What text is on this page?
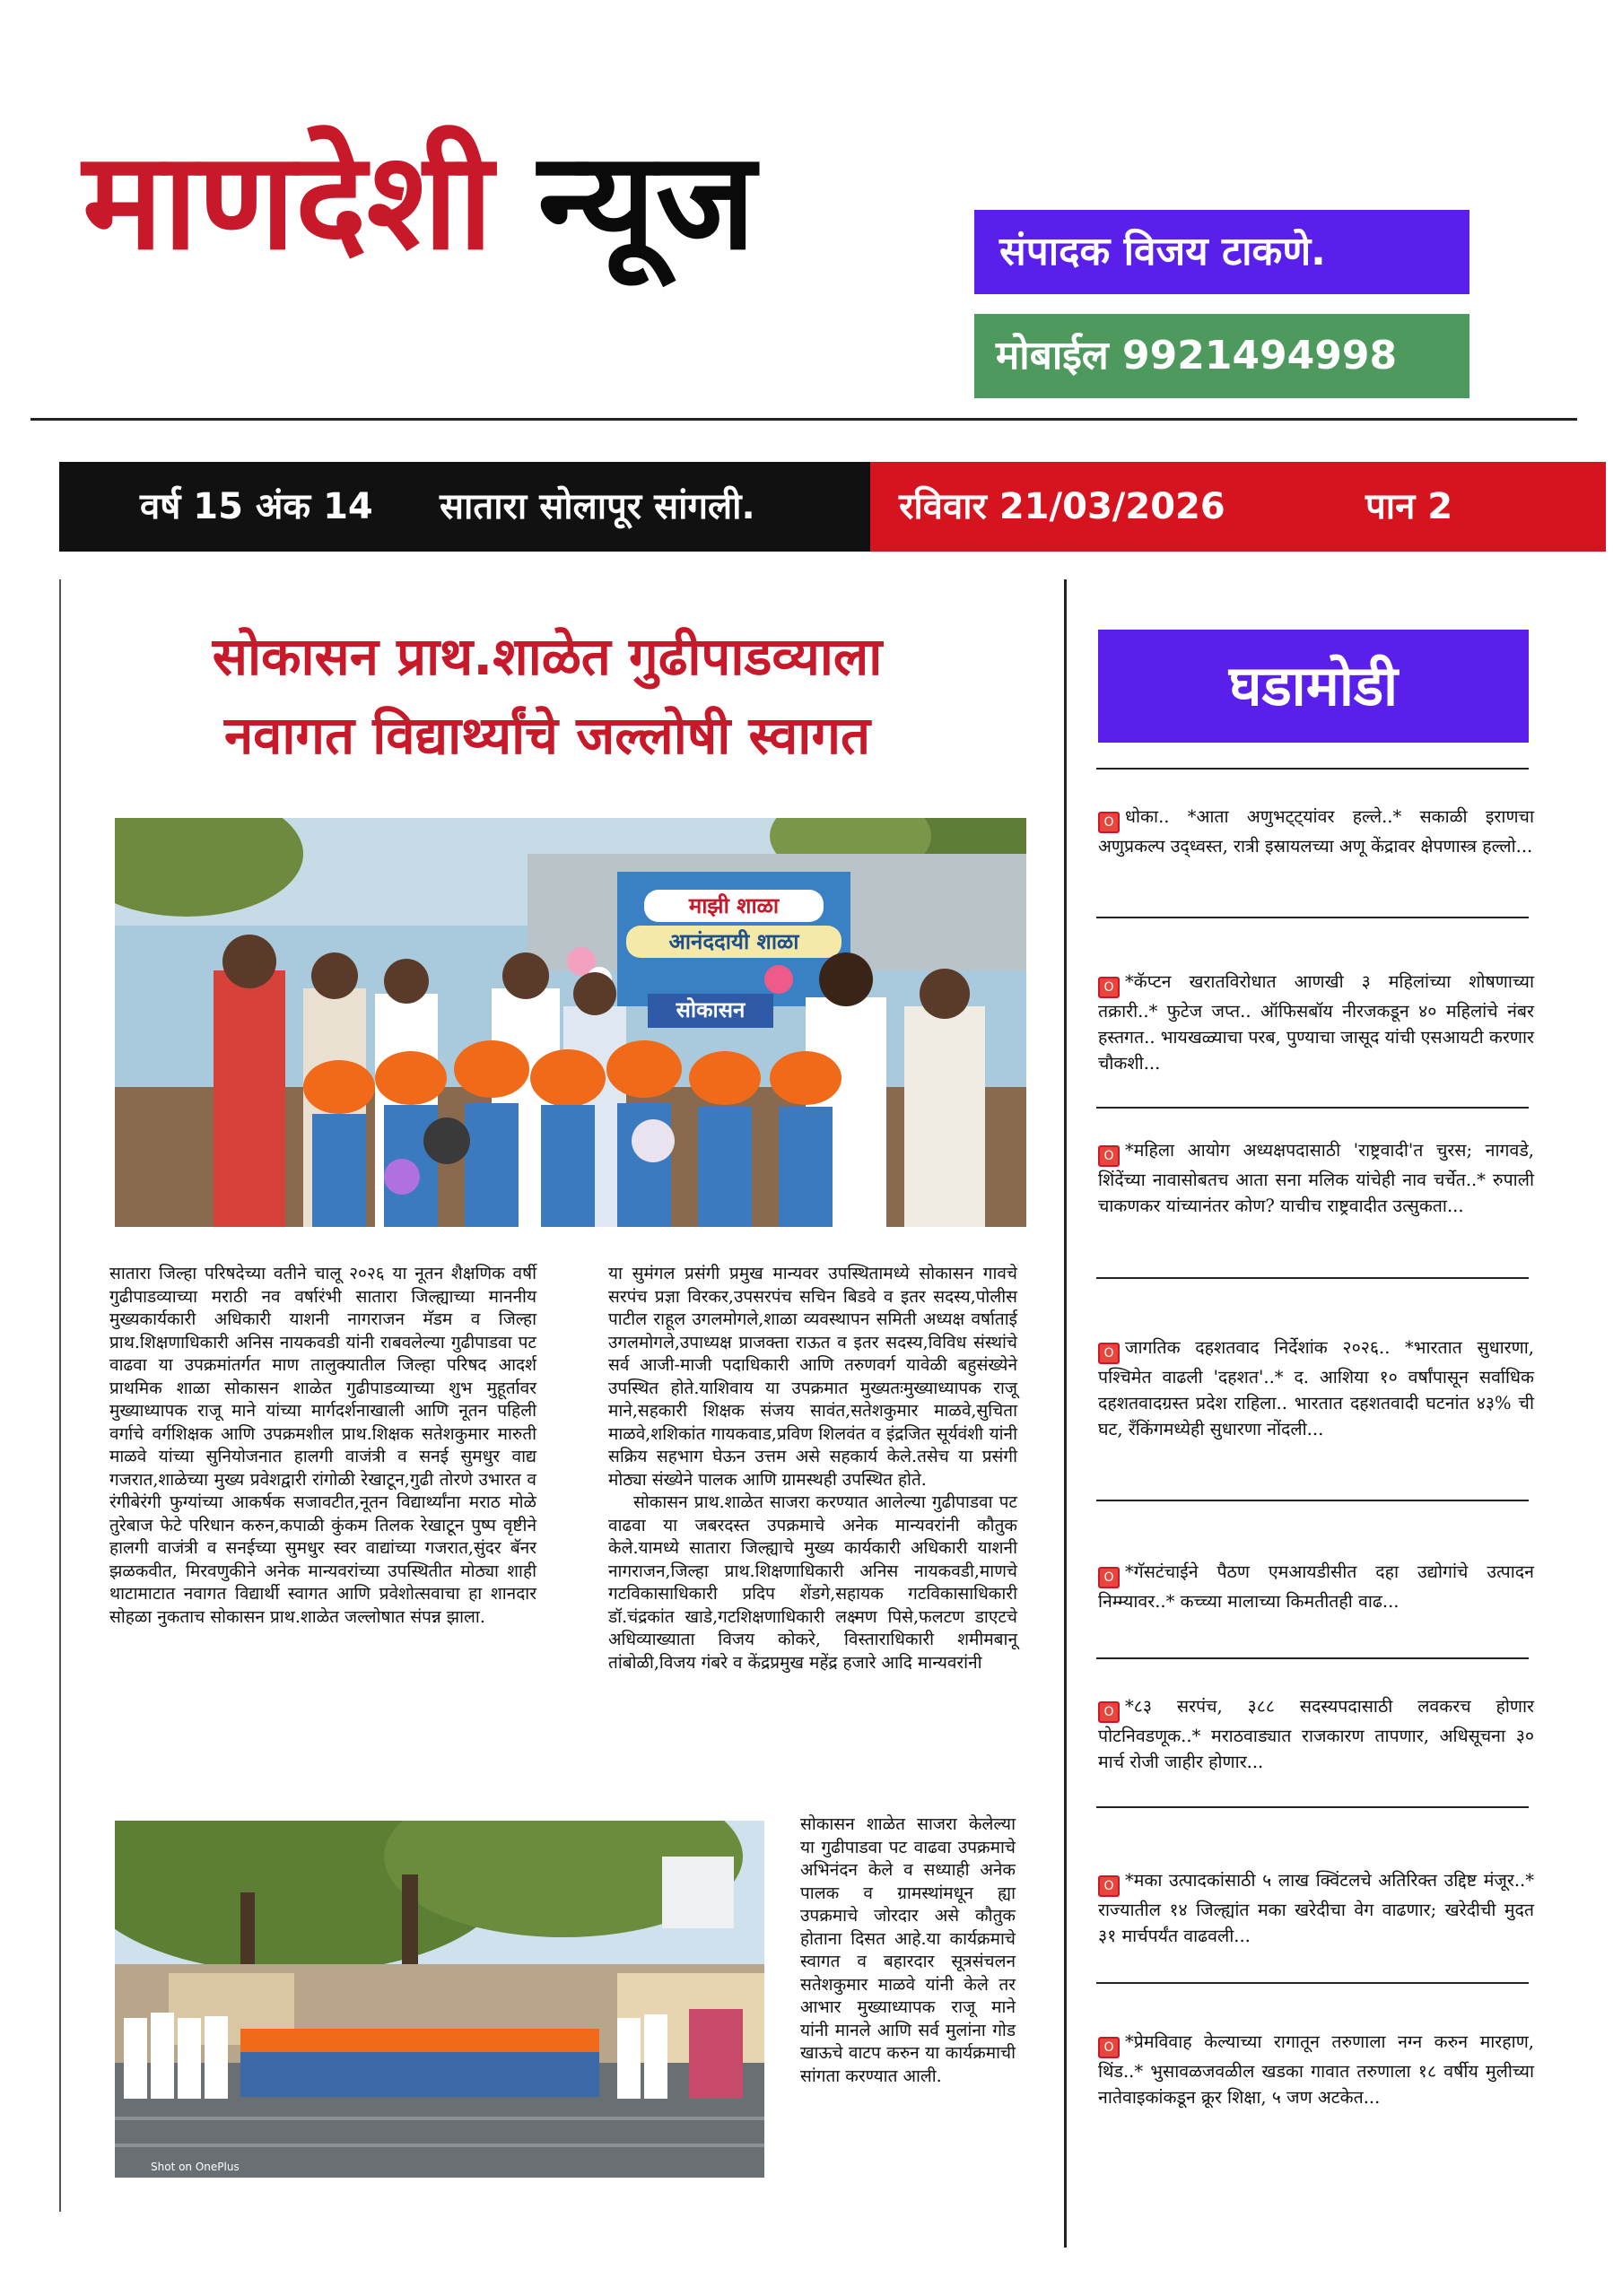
माणदेशी न्यूज	संपादक विजय टाकणे.
मोबाईल 9921494998
वर्ष 15 अंक 14 सातारा सोलापूर सांगली.	रविवार 21/03/2026	पान 2
सोकासन प्राथ.शाळेत गुढीपाडव्याला
नवागत विद्यार्थ्यांचे जल्लोषी स्वागत
माझी शाळा
आनंददायी शाळा
सोकासन
सातारा जिल्हा परिषदेच्या वतीने चालू २०२६ या नूतन शैक्षणिक वर्षी गुढीपाडव्याच्या मराठी नव वर्षारंभी सातारा जिल्ह्याच्या माननीय मुख्यकार्यकारी अधिकारी याशनी नागराजन मॅडम व जिल्हा प्राथ.शिक्षणाधिकारी अनिस नायकवडी यांनी राबवलेल्या गुढीपाडवा पट वाढवा या उपक्रमांतर्गत माण तालुक्यातील जिल्हा परिषद आदर्श प्राथमिक शाळा सोकासन शाळेत गुढीपाडव्याच्या शुभ मुहूर्तावर मुख्याध्यापक राजू माने यांच्या मार्गदर्शनाखाली आणि नूतन पहिली वर्गाचे वर्गशिक्षक आणि उपक्रमशील प्राथ.शिक्षक सतेशकुमार मारुती माळवे यांच्या सुनियोजनात हालगी वाजंत्री व सनई सुमधुर वाद्य गजरात,शाळेच्या मुख्य प्रवेशद्वारी रांगोळी रेखाटून,गुढी तोरणे उभारत व रंगीबेरंगी फुग्यांच्या आकर्षक सजावटीत,नूतन विद्यार्थ्यांना मराठ मोळे तुरेबाज फेटे परिधान करुन,कपाळी कुंकम तिलक रेखाटून पुष्प वृष्टीने हालगी वाजंत्री व सनईच्या सुमधुर स्वर वाद्यांच्या गजरात,सुंदर बॅनर झळकवीत, मिरवणुकीने अनेक मान्यवरांच्या उपस्थितीत मोठ्या शाही थाटामाटात नवागत विद्यार्थी स्वागत आणि प्रवेशोत्सवाचा हा शानदार सोहळा नुकताच सोकासन प्राथ.शाळेत जल्लोषात संपन्न झाला.
या सुमंगल प्रसंगी प्रमुख मान्यवर उपस्थितामध्ये सोकासन गावचे सरपंच प्रज्ञा विरकर,उपसरपंच सचिन बिडवे व इतर सदस्य,पोलीस पाटील राहूल उगलमोगले,शाळा व्यवस्थापन समिती अध्यक्ष वर्षाताई उगलमोगले,उपाध्यक्ष प्राजक्ता राऊत व इतर सदस्य,विविध संस्थांचे सर्व आजी-माजी पदाधिकारी आणि तरुणवर्ग यावेळी बहुसंख्येने उपस्थित होते.याशिवाय या उपक्रमात मुख्यतःमुख्याध्यापक राजू माने,सहकारी शिक्षक संजय सावंत,सतेशकुमार माळवे,सुचिता माळवे,शशिकांत गायकवाड,प्रविण शिलवंत व इंद्रजित सूर्यवंशी यांनी सक्रिय सहभाग घेऊन उत्तम असे सहकार्य केले.तसेच या प्रसंगी मोठ्या संख्येने पालक आणि ग्रामस्थही उपस्थित होते.
सोकासन प्राथ.शाळेत साजरा करण्यात आलेल्या गुढीपाडवा पट वाढवा या जबरदस्त उपक्रमाचे अनेक मान्यवरांनी कौतुक केले.यामध्ये सातारा जिल्ह्याचे मुख्य कार्यकारी अधिकारी याशनी नागराजन,जिल्हा प्राथ.शिक्षणाधिकारी अनिस नायकवडी,माणचे गटविकासाधिकारी प्रदिप शेंडगे,सहायक गटविकासाधिकारी डॉ.चंद्रकांत खाडे,गटशिक्षणाधिकारी लक्ष्मण पिसे,फलटण डाएटचे अधिव्याख्याता विजय कोकरे, विस्ताराधिकारी शमीमबानू तांबोळी,विजय गंबरे व केंद्रप्रमुख महेंद्र हजारे आदि मान्यवरांनी
Shot on OnePlus
सोकासन शाळेत साजरा केलेल्या या गुढीपाडवा पट वाढवा उपक्रमाचे अभिनंदन केले व सध्याही अनेक पालक व ग्रामस्थांमधून ह्या उपक्रमाचे जोरदार असे कौतुक होताना दिसत आहे.या कार्यक्रमाचे स्वागत व बहारदार सूत्रसंचलन सतेशकुमार माळवे यांनी केले तर आभार मुख्याध्यापक राजू माने यांनी मानले आणि सर्व मुलांना गोड खाऊचे वाटप करुन या कार्यक्रमाची सांगता करण्यात आली.
घडामोडी
O धोका.. *आता अणुभट्ट्यांवर हल्ले..* सकाळी इराणचा अणुप्रकल्प उद्ध्वस्त, रात्री इस्रायलच्या अणू केंद्रावर क्षेपणास्त्र हल्लो...
O *कॅप्टन खरातविरोधात आणखी ३ महिलांच्या शोषणाच्या तक्रारी..* फुटेज जप्त.. ऑफिसबॉय नीरजकडून ४० महिलांचे नंबर हस्तगत.. भायखळ्याचा परब, पुण्याचा जासूद यांची एसआयटी करणार चौकशी...
O *महिला आयोग अध्यक्षपदासाठी 'राष्ट्रवादी'त चुरस; नागवडे, शिंदेंच्या नावासोबतच आता सना मलिक यांचेही नाव चर्चेत..* रुपाली चाकणकर यांच्यानंतर कोण? याचीच राष्ट्रवादीत उत्सुकता...
O जागतिक दहशतवाद निर्देशांक २०२६.. *भारतात सुधारणा, पश्चिमेत वाढली 'दहशत'..* द. आशिया १० वर्षांपासून सर्वाधिक दहशतवादग्रस्त प्रदेश राहिला.. भारतात दहशतवादी घटनांत ४३% ची घट, रँकिंगमध्येही सुधारणा नोंदली...
O *गॅसटंचाईने पैठण एमआयडीसीत दहा उद्योगांचे उत्पादन निम्म्यावर..* कच्च्या मालाच्या किमतीतही वाढ...
O *८३ सरपंच, ३८८ सदस्यपदासाठी लवकरच होणार पोटनिवडणूक..* मराठवाड्यात राजकारण तापणार, अधिसूचना ३० मार्च रोजी जाहीर होणार...
O *मका उत्पादकांसाठी ५ लाख क्विंटलचे अतिरिक्त उद्दिष्ट मंजूर..* राज्यातील १४ जिल्ह्यांत मका खरेदीचा वेग वाढणार; खरेदीची मुदत ३१ मार्चपर्यंत वाढवली...
O *प्रेमविवाह केल्याच्या रागातून तरुणाला नग्न करुन मारहाण, थिंड..* भुसावळजवळील खडका गावात तरुणाला १८ वर्षीय मुलीच्या नातेवाइकांकडून क्रूर शिक्षा, ५ जण अटकेत...
